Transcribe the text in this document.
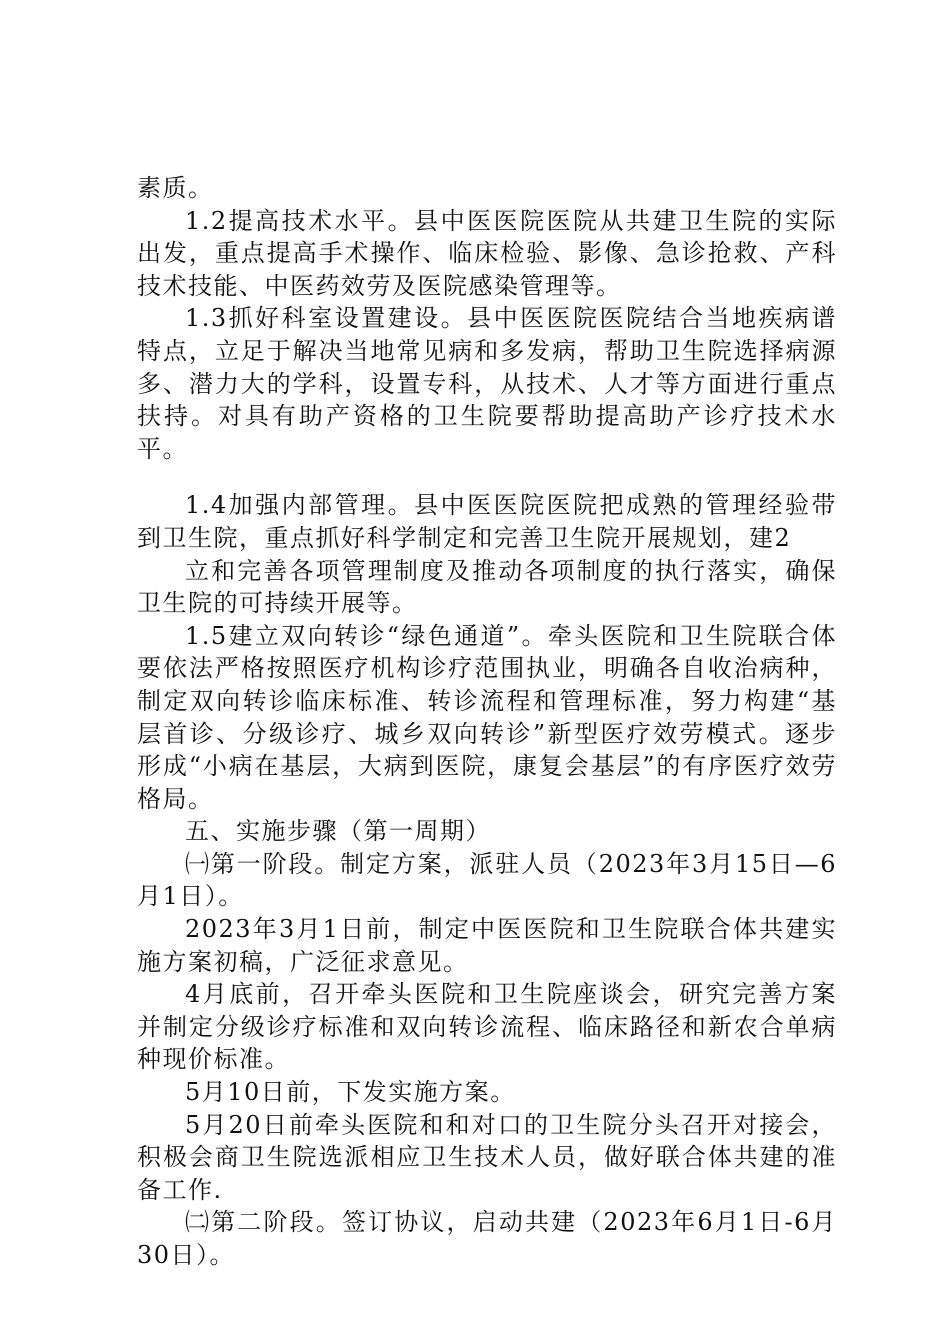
素质。

1.2提高技术水平。县中医医院医院从共建卫生院的实际出发，重点提高手术操作、临床检验、影像、急诊抢救、产科技术技能、中医药效劳及医院感染管理等。

1.3抓好科室设置建设。县中医医院医院结合当地疾病谱特点，立足于解决当地常见病和多发病，帮助卫生院选择病源多、潜力大的学科，设置专科，从技术、人才等方面进行重点扶持。对具有助产资格的卫生院要帮助提高助产诊疗技术水平。

1.4加强内部管理。县中医医院医院把成熟的管理经验带到卫生院，重点抓好科学制定和完善卫生院开展规划，建2

立和完善各项管理制度及推动各项制度的执行落实，确保卫生院的可持续开展等。

1.5建立双向转诊“绿色通道”。牵头医院和卫生院联合体要依法严格按照医疗机构诊疗范围执业，明确各自收治病种，制定双向转诊临床标准、转诊流程和管理标准，努力构建“基层首诊、分级诊疗、城乡双向转诊”新型医疗效劳模式。逐步形成“小病在基层，大病到医院，康复会基层”的有序医疗效劳格局。

五、实施步骤（第一周期）

㈠第一阶段。制定方案，派驻人员（2023年3月15日—6月1日）。

2023年3月1日前，制定中医医院和卫生院联合体共建实施方案初稿，广泛征求意见。

4月底前，召开牵头医院和卫生院座谈会，研究完善方案并制定分级诊疗标准和双向转诊流程、临床路径和新农合单病种现价标准。

5月10日前，下发实施方案。

5月20日前牵头医院和和对口的卫生院分头召开对接会，积极会商卫生院选派相应卫生技术人员，做好联合体共建的准备工作.

㈡第二阶段。签订协议，启动共建（2023年6月1日-6月30日）。
